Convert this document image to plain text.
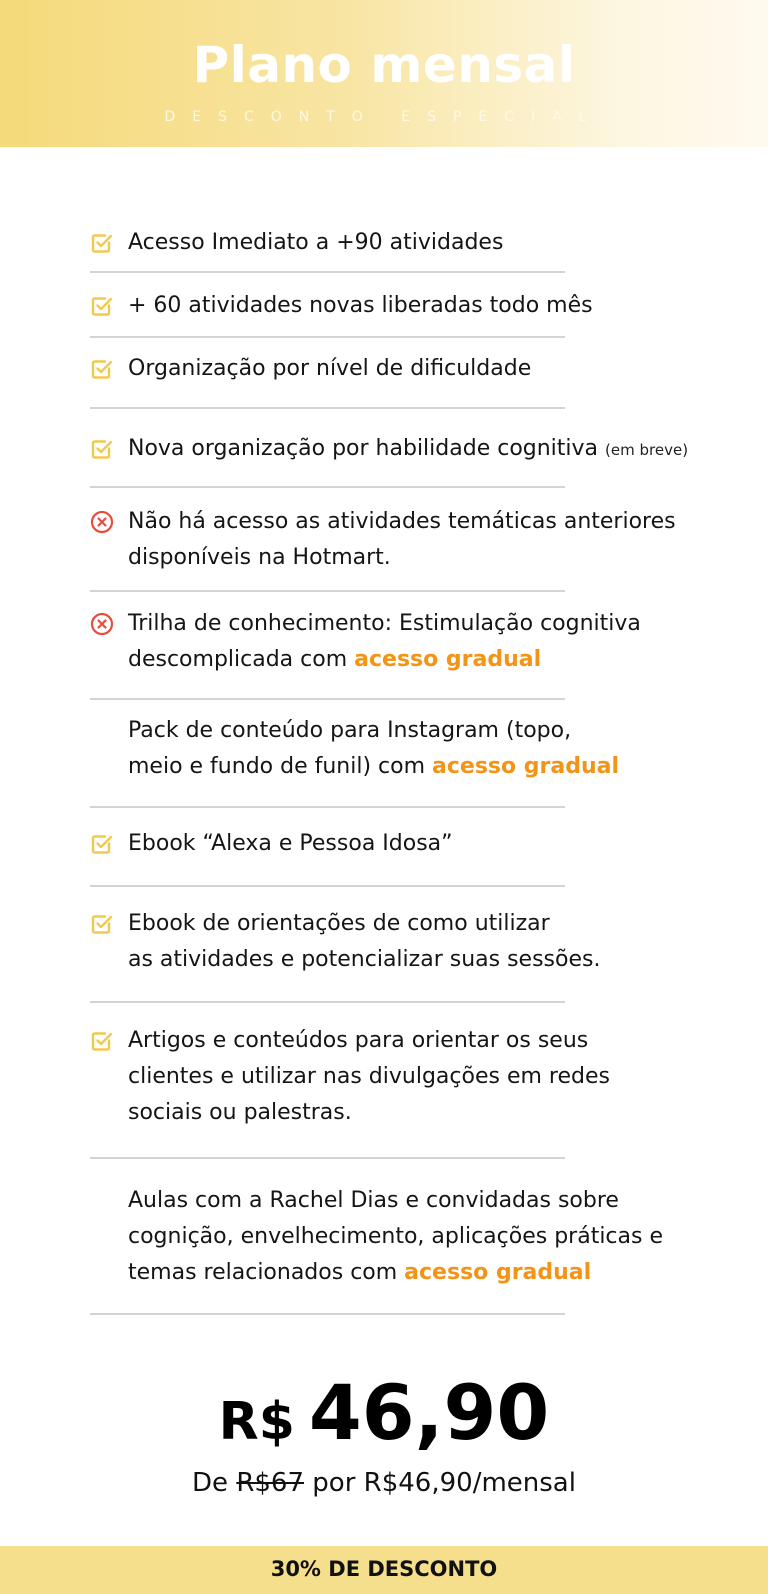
Plano mensal
DESCONTO ESPECIAL
Acesso Imediato a +90 atividades
+ 60 atividades novas liberadas todo mês
Organização por nível de dificuldade
Nova organização por habilidade cognitiva (em breve)
Não há acesso as atividades temáticas anteriores
disponíveis na Hotmart.
Trilha de conhecimento: Estimulação cognitiva
descomplicada com acesso gradual
Pack de conteúdo para Instagram (topo,
meio e fundo de funil) com acesso gradual
Ebook “Alexa e Pessoa Idosa”
Ebook de orientações de como utilizar
as atividades e potencializar suas sessões.
Artigos e conteúdos para orientar os seus
clientes e utilizar nas divulgações em redes
sociais ou palestras.
Aulas com a Rachel Dias e convidadas sobre
cognição, envelhecimento, aplicações práticas e
temas relacionados com acesso gradual
R$ 46,90
De R$67 por R$46,90/mensal
30% DE DESCONTO
